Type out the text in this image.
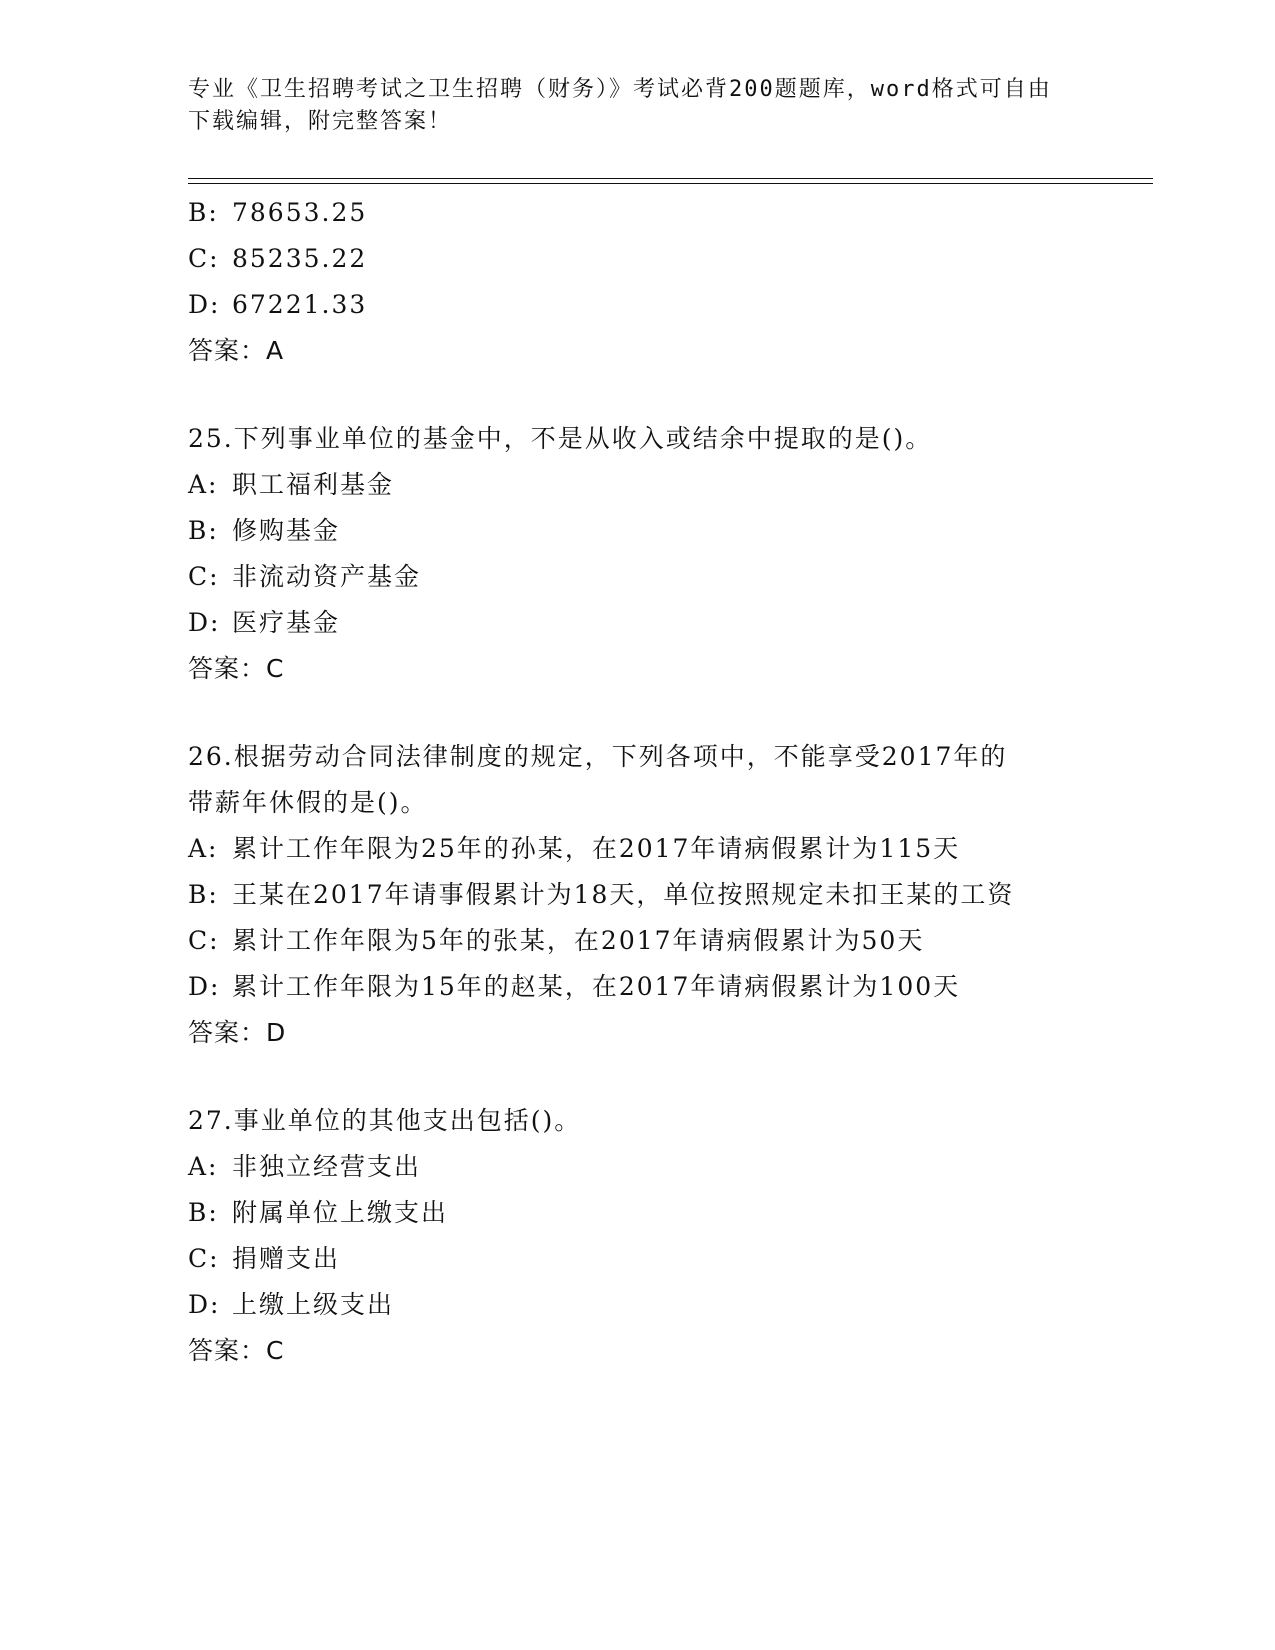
专业《卫生招聘考试之卫生招聘（财务）》考试必背200题题库，word格式可自由下载编辑，附完整答案！
B: 78653.25
C: 85235.22
D: 67221.33
答案：A
25.下列事业单位的基金中，不是从收入或结余中提取的是()。
A: 职工福利基金
B: 修购基金
C: 非流动资产基金
D: 医疗基金
答案：C
26.根据劳动合同法律制度的规定，下列各项中，不能享受2017年的
带薪年休假的是()。
A: 累计工作年限为25年的孙某，在2017年请病假累计为115天
B: 王某在2017年请事假累计为18天，单位按照规定未扣王某的工资
C: 累计工作年限为5年的张某，在2017年请病假累计为50天
D: 累计工作年限为15年的赵某，在2017年请病假累计为100天
答案：D
27.事业单位的其他支出包括()。
A: 非独立经营支出
B: 附属单位上缴支出
C: 捐赠支出
D: 上缴上级支出
答案：C
